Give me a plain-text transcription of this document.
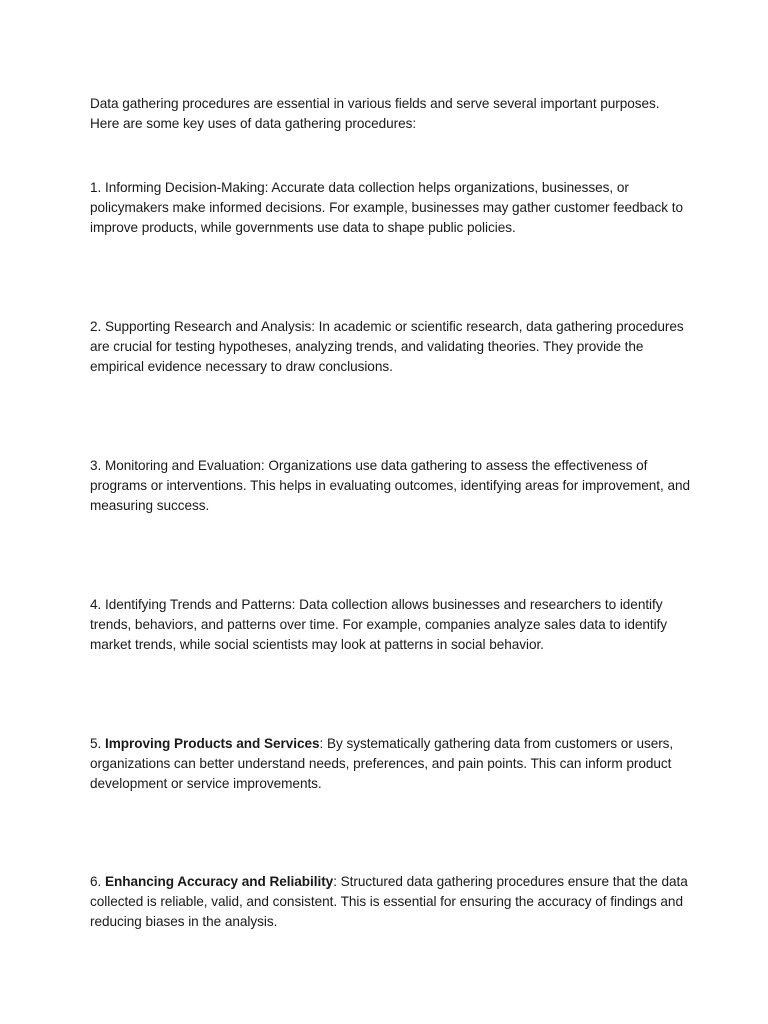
Data gathering procedures are essential in various fields and serve several important purposes. Here are some key uses of data gathering procedures:

1. Informing Decision-Making: Accurate data collection helps organizations, businesses, or policymakers make informed decisions. For example, businesses may gather customer feedback to improve products, while governments use data to shape public policies.

2. Supporting Research and Analysis: In academic or scientific research, data gathering procedures are crucial for testing hypotheses, analyzing trends, and validating theories. They provide the empirical evidence necessary to draw conclusions.

3. Monitoring and Evaluation: Organizations use data gathering to assess the effectiveness of programs or interventions. This helps in evaluating outcomes, identifying areas for improvement, and measuring success.

4. Identifying Trends and Patterns: Data collection allows businesses and researchers to identify trends, behaviors, and patterns over time. For example, companies analyze sales data to identify market trends, while social scientists may look at patterns in social behavior.

5. Improving Products and Services: By systematically gathering data from customers or users, organizations can better understand needs, preferences, and pain points. This can inform product development or service improvements.

6. Enhancing Accuracy and Reliability: Structured data gathering procedures ensure that the data collected is reliable, valid, and consistent. This is essential for ensuring the accuracy of findings and reducing biases in the analysis.
